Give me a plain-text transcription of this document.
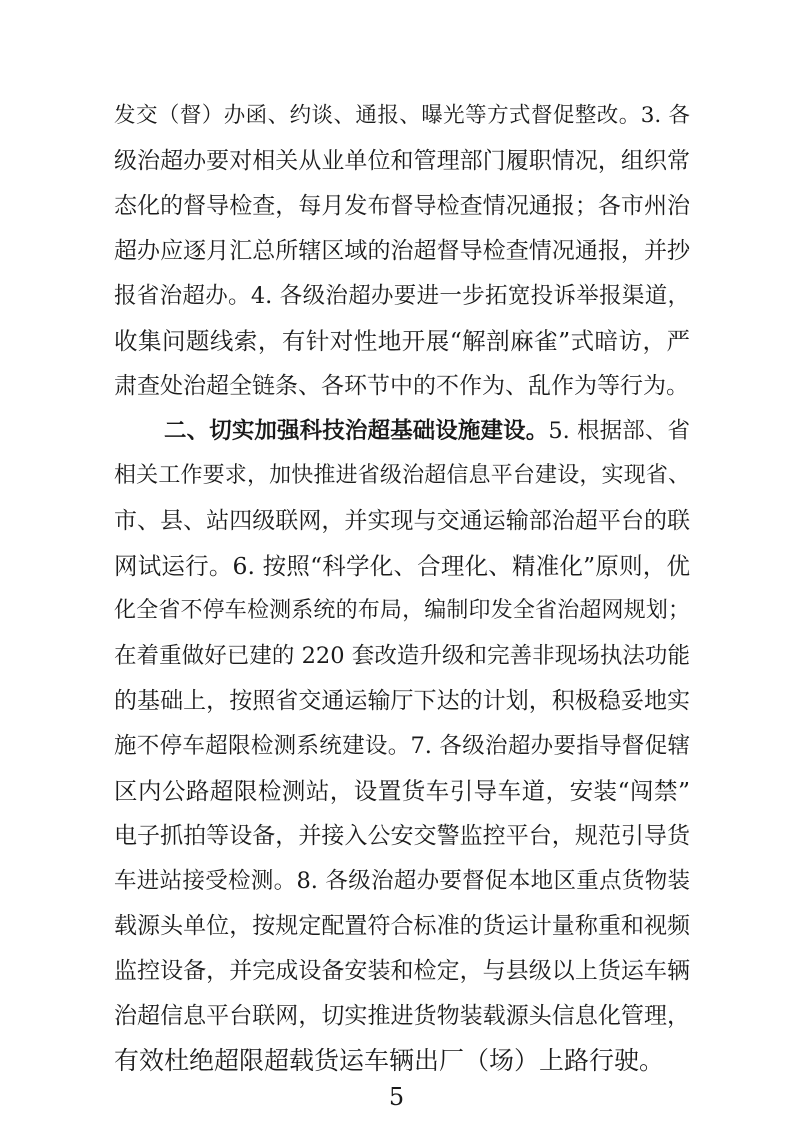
发交（督）办函、约谈、通报、曝光等方式督促整改。3. 各
级治超办要对相关从业单位和管理部门履职情况，组织常
态化的督导检查，每月发布督导检查情况通报；各市州治
超办应逐月汇总所辖区域的治超督导检查情况通报，并抄
报省治超办。4. 各级治超办要进一步拓宽投诉举报渠道，
收集问题线索，有针对性地开展“解剖麻雀”式暗访，严
肃查处治超全链条、各环节中的不作为、乱作为等行为。
二、切实加强科技治超基础设施建设。5. 根据部、省
相关工作要求，加快推进省级治超信息平台建设，实现省、
市、县、站四级联网，并实现与交通运输部治超平台的联
网试运行。6. 按照“科学化、合理化、精准化”原则，优
化全省不停车检测系统的布局，编制印发全省治超网规划；
在着重做好已建的 220 套改造升级和完善非现场执法功能
的基础上，按照省交通运输厅下达的计划，积极稳妥地实
施不停车超限检测系统建设。7. 各级治超办要指导督促辖
区内公路超限检测站，设置货车引导车道，安装“闯禁”
电子抓拍等设备，并接入公安交警监控平台，规范引导货
车进站接受检测。8. 各级治超办要督促本地区重点货物装
载源头单位，按规定配置符合标准的货运计量称重和视频
监控设备，并完成设备安装和检定，与县级以上货运车辆
治超信息平台联网，切实推进货物装载源头信息化管理，
有效杜绝超限超载货运车辆出厂（场）上路行驶。
5
